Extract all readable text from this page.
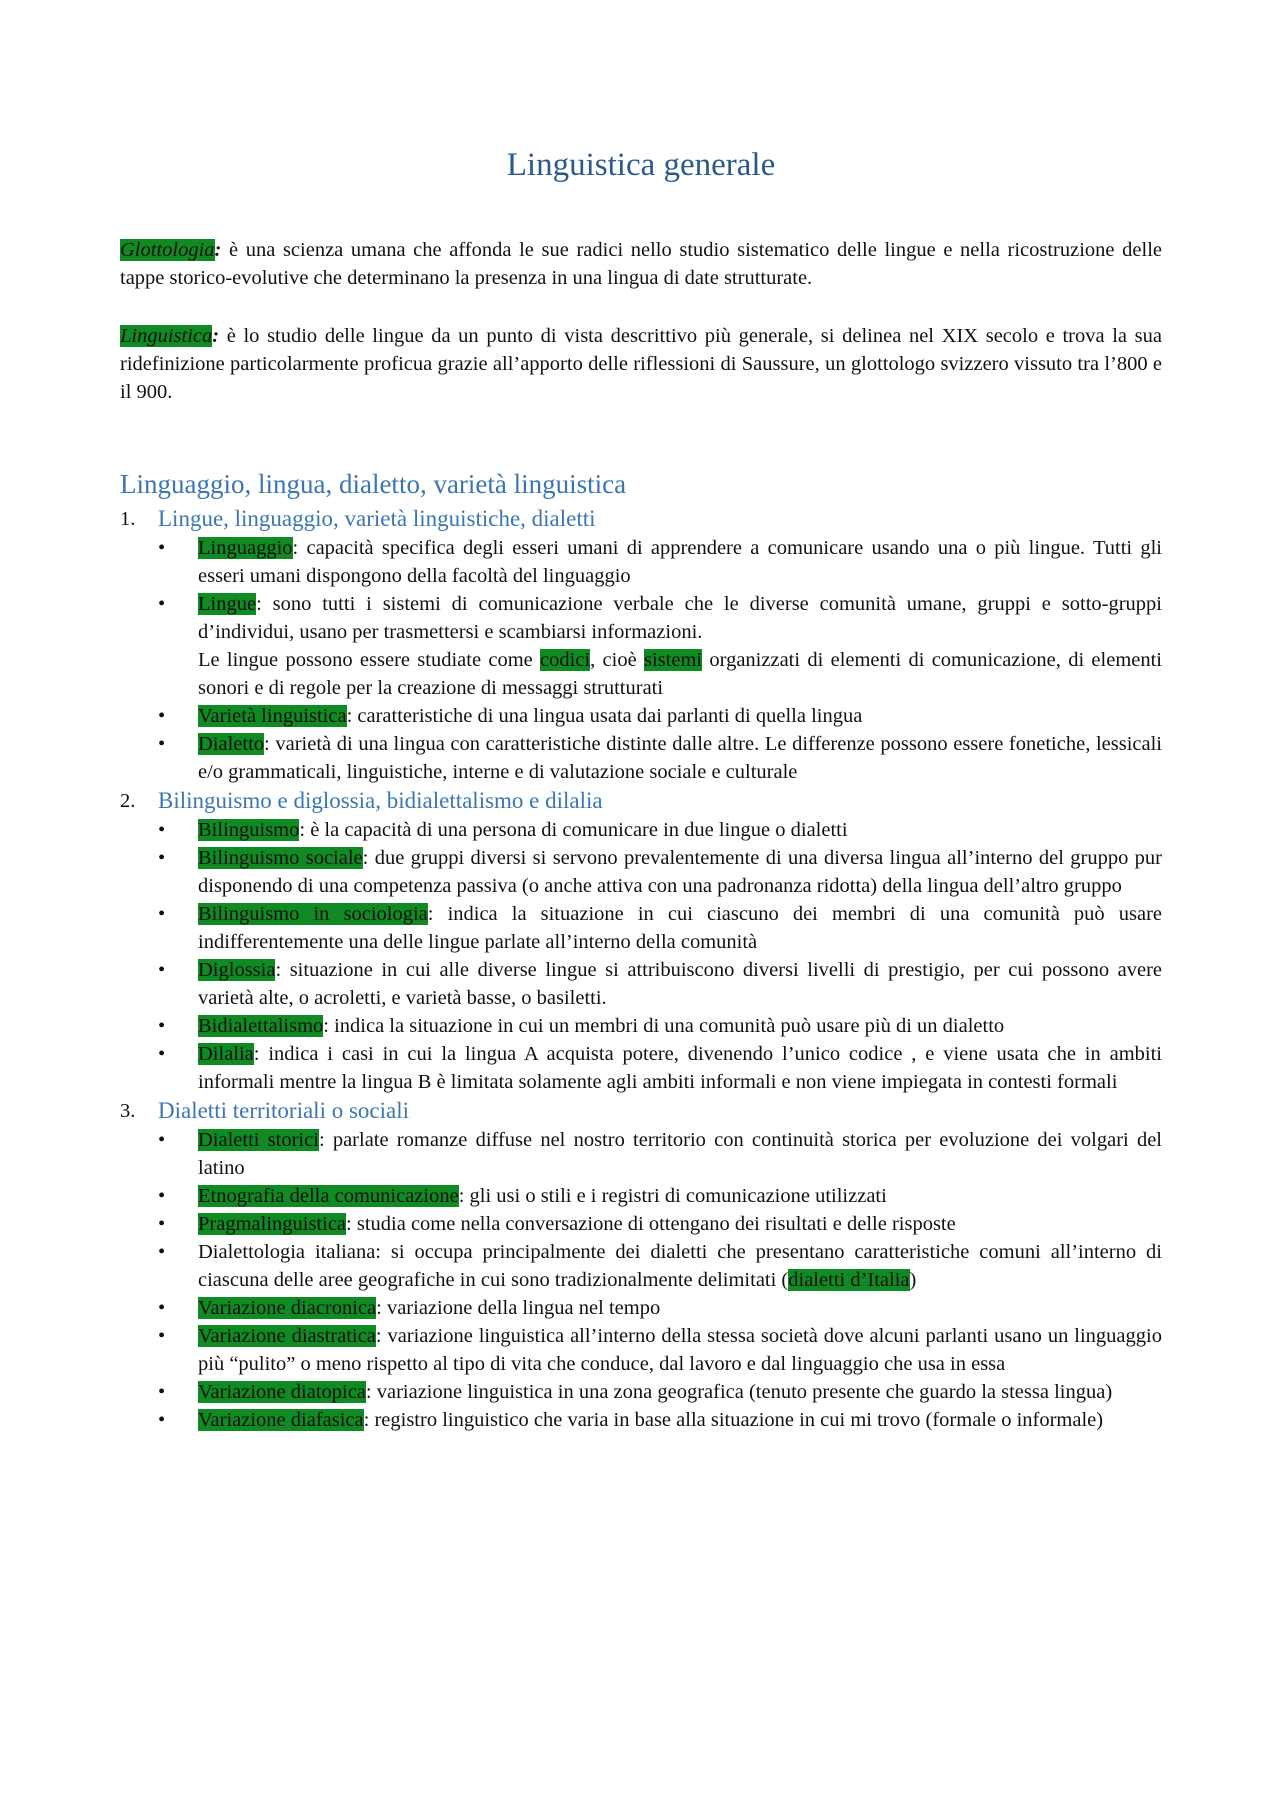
Linguistica generale

Glottologia: è una scienza umana che affonda le sue radici nello studio sistematico delle lingue e nella ricostruzione delle tappe storico-evolutive che determinano la presenza in una lingua di date strutturate.

Linguistica: è lo studio delle lingue da un punto di vista descrittivo più generale, si delinea nel XIX secolo e trova la sua ridefinizione particolarmente proficua grazie all’apporto delle riflessioni di Saussure, un glottologo svizzero vissuto tra l’800 e il 900.

Linguaggio, lingua, dialetto, varietà linguistica
1. Lingue, linguaggio, varietà linguistiche, dialetti
• Linguaggio: capacità specifica degli esseri umani di apprendere a comunicare usando una o più lingue. Tutti gli esseri umani dispongono della facoltà del linguaggio
• Lingue: sono tutti i sistemi di comunicazione verbale che le diverse comunità umane, gruppi e sotto-gruppi d’individui, usano per trasmettersi e scambiarsi informazioni.
Le lingue possono essere studiate come codici, cioè sistemi organizzati di elementi di comunicazione, di elementi sonori e di regole per la creazione di messaggi strutturati
• Varietà linguistica: caratteristiche di una lingua usata dai parlanti di quella lingua
• Dialetto: varietà di una lingua con caratteristiche distinte dalle altre. Le differenze possono essere fonetiche, lessicali e/o grammaticali, linguistiche, interne e di valutazione sociale e culturale
2. Bilinguismo e diglossia, bidialettalismo e dilalia
• Bilinguismo: è la capacità di una persona di comunicare in due lingue o dialetti
• Bilinguismo sociale: due gruppi diversi si servono prevalentemente di una diversa lingua all’interno del gruppo pur disponendo di una competenza passiva (o anche attiva con una padronanza ridotta) della lingua dell’altro gruppo
• Bilinguismo in sociologia: indica la situazione in cui ciascuno dei membri di una comunità può usare indifferentemente una delle lingue parlate all’interno della comunità
• Diglossia: situazione in cui alle diverse lingue si attribuiscono diversi livelli di prestigio, per cui possono avere varietà alte, o acroletti, e varietà basse, o basiletti.
• Bidialettalismo: indica la situazione in cui un membri di una comunità può usare più di un dialetto
• Dilalia: indica i casi in cui la lingua A acquista potere, divenendo l’unico codice , e viene usata che in ambiti informali mentre la lingua B è limitata solamente agli ambiti informali e non viene impiegata in contesti formali
3. Dialetti territoriali o sociali
• Dialetti storici: parlate romanze diffuse nel nostro territorio con continuità storica per evoluzione dei volgari del latino
• Etnografia della comunicazione: gli usi o stili e i registri di comunicazione utilizzati
• Pragmalinguistica: studia come nella conversazione di ottengano dei risultati e delle risposte
• Dialettologia italiana: si occupa principalmente dei dialetti che presentano caratteristiche comuni all’interno di ciascuna delle aree geografiche in cui sono tradizionalmente delimitati (dialetti d’Italia)
• Variazione diacronica: variazione della lingua nel tempo
• Variazione diastratica: variazione linguistica all’interno della stessa società dove alcuni parlanti usano un linguaggio più “pulito” o meno rispetto al tipo di vita che conduce, dal lavoro e dal linguaggio che usa in essa
• Variazione diatopica: variazione linguistica in una zona geografica (tenuto presente che guardo la stessa lingua)
• Variazione diafasica: registro linguistico che varia in base alla situazione in cui mi trovo (formale o informale)
